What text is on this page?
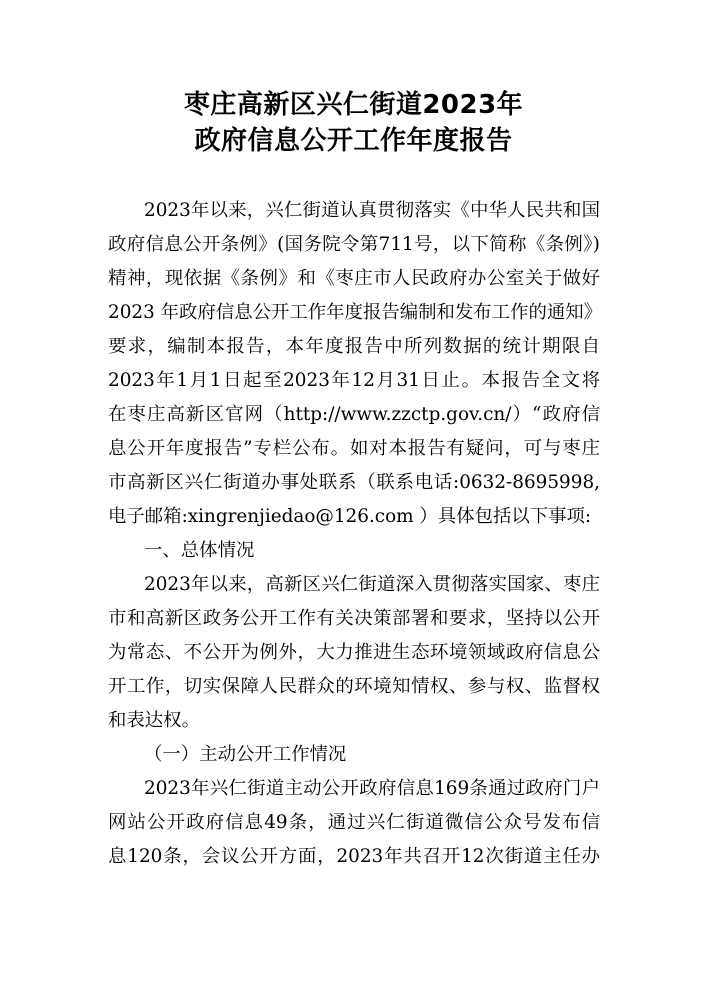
枣庄高新区兴仁街道2023年
政府信息公开工作年度报告
2023年以来，兴仁街道认真贯彻落实《中华人民共和国
政府信息公开条例》(国务院令第711号，以下简称《条例》)
精神，现依据《条例》和《枣庄市人民政府办公室关于做好
2023 年政府信息公开工作年度报告编制和发布工作的通知》
要求，编制本报告，本年度报告中所列数据的统计期限自
2023年1月1日起至2023年12月31日止。本报告全文将
在枣庄高新区官网（http://www.zzctp.gov.cn/）“政府信
息公开年度报告”专栏公布。如对本报告有疑问，可与枣庄
市高新区兴仁街道办事处联系（联系电话:0632-8695998,
电子邮箱:xingrenjiedao@126.com ）具体包括以下事项:
一、总体情况
2023年以来，高新区兴仁街道深入贯彻落实国家、枣庄
市和高新区政务公开工作有关决策部署和要求，坚持以公开
为常态、不公开为例外，大力推进生态环境领域政府信息公
开工作，切实保障人民群众的环境知情权、参与权、监督权
和表达权。
（一）主动公开工作情况
2023年兴仁街道主动公开政府信息169条通过政府门户
网站公开政府信息49条，通过兴仁街道微信公众号发布信
息120条，会议公开方面，2023年共召开12次街道主任办
